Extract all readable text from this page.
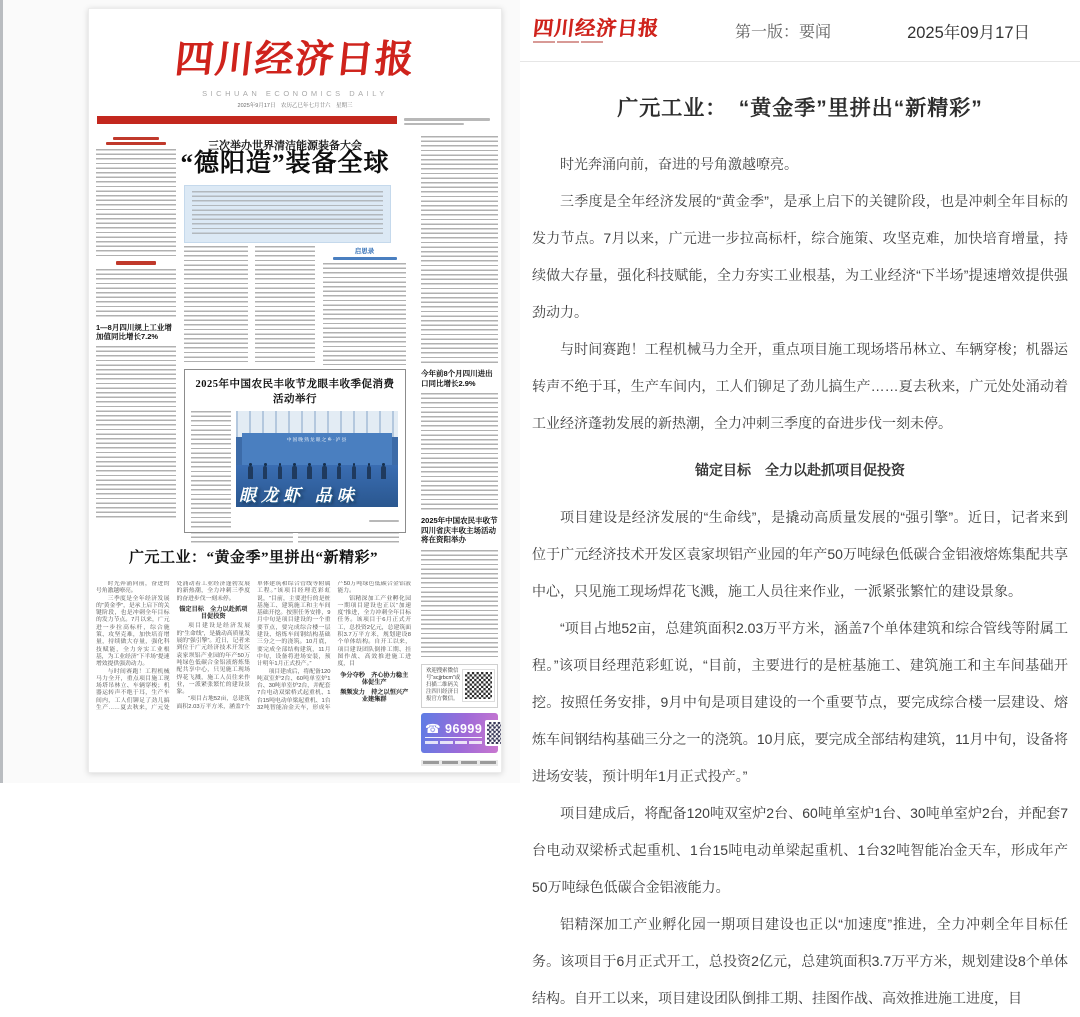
四川经济日报
SICHUAN ECONOMICS DAILY
2025年9月17日　农历乙巳年七月廿六　星期三
三次举办世界清洁能源装备大会
“德阳造”装备全球
1—8月四川规上工业增加值同比增长7.2%
启思录
2025年中国农民丰收节龙眼丰收季促消费活动举行
中国晚熟龙眼之乡·泸县
眼龙虾 品味
广元工业：“黄金季”里拼出“新精彩”
时光奔涌向前，奋进的号角激越嘹亮。
三季度是全年经济发展的“黄金季”，是承上启下的关键阶段，也是冲刺全年目标的发力节点。7月以来，广元进一步拉高标杆，综合施策、攻坚克难，加快培育增量，持续做大存量，强化科技赋能，全力夯实工业根基，为工业经济“下半场”提速增效提供强劲动力。
与时间赛跑！工程机械马力全开，重点项目施工现场塔吊林立、车辆穿梭；机器运转声不绝于耳，生产车间内，工人们铆足了劲儿搞生产……夏去秋来，广元处处涌动着工业经济蓬勃发展的新热潮，全力冲刺三季度的奋进步伐一刻未停。
锚定目标　全力以赴抓项目促投资
项目建设是经济发展的“生命线”，是撬动高质量发展的“强引擎”。近日，记者来到位于广元经济技术开发区袁家坝铝产业园的年产50万吨绿色低碳合金铝液熔炼集配共享中心，只见施工现场焊花飞溅，施工人员往来作业，一派紧张繁忙的建设景象。
“项目占地52亩，总建筑面积2.03万平方米，涵盖7个单体建筑和综合管线等附属工程。”该项目经理范彩虹说，“目前，主要进行的是桩基施工、建筑施工和主车间基础开挖。按照任务安排，9月中旬是项目建设的一个重要节点，要完成综合楼一层建设、熔炼车间钢结构基础三分之一的浇筑。10月底，要完成全部结构建筑，11月中旬，设备将进场安装，预计明年1月正式投产。”
项目建成后，将配备120吨双室炉2台、60吨单室炉1台、30吨单室炉2台，并配套7台电动双梁桥式起重机、1台15吨电动单梁起重机、1台32吨智能冶金天车，形成年产50万吨绿色低碳合金铝液能力。
铝精深加工产业孵化园一期项目建设也正以“加速度”推进，全力冲刺全年目标任务。该项目于6月正式开工，总投资2亿元，总建筑面积3.7万平方米，规划建设8个单体结构。自开工以来，项目建设团队倒排工期、挂图作战、高效推进施工进度，目
争分夺秒　齐心协力稳主体促生产
频频发力　持之以恒兴产业建集群
今年前8个月四川进出口同比增长2.9%
2025年中国农民丰收节四川省庆丰收主场活动将在资阳举办
欢迎搜索微信号“scjjrbcm”或扫描二维码关注四川经济日报官方微信。
☎ 96999
四川经济日报	第一版：要闻	2025年09月17日
广元工业：　“黄金季”里拼出“新精彩”
时光奔涌向前，奋进的号角激越嘹亮。
三季度是全年经济发展的“黄金季”，是承上启下的关键阶段，也是冲刺全年目标的发力节点。7月以来，广元进一步拉高标杆，综合施策、攻坚克难，加快培育增量，持续做大存量，强化科技赋能，全力夯实工业根基，为工业经济“下半场”提速增效提供强劲动力。
与时间赛跑！工程机械马力全开，重点项目施工现场塔吊林立、车辆穿梭；机器运转声不绝于耳，生产车间内，工人们铆足了劲儿搞生产……夏去秋来，广元处处涌动着工业经济蓬勃发展的新热潮，全力冲刺三季度的奋进步伐一刻未停。
锚定目标　全力以赴抓项目促投资
项目建设是经济发展的“生命线”，是撬动高质量发展的“强引擎”。近日，记者来到位于广元经济技术开发区袁家坝铝产业园的年产50万吨绿色低碳合金铝液熔炼集配共享中心，只见施工现场焊花飞溅，施工人员往来作业，一派紧张繁忙的建设景象。
“项目占地52亩，总建筑面积2.03万平方米，涵盖7个单体建筑和综合管线等附属工程。”该项目经理范彩虹说，“目前，主要进行的是桩基施工、建筑施工和主车间基础开挖。按照任务安排，9月中旬是项目建设的一个重要节点，要完成综合楼一层建设、熔炼车间钢结构基础三分之一的浇筑。10月底，要完成全部结构建筑，11月中旬，设备将进场安装，预计明年1月正式投产。”
项目建成后，将配备120吨双室炉2台、60吨单室炉1台、30吨单室炉2台，并配套7台电动双梁桥式起重机、1台15吨电动单梁起重机、1台32吨智能冶金天车，形成年产50万吨绿色低碳合金铝液能力。
铝精深加工产业孵化园一期项目建设也正以“加速度”推进，全力冲刺全年目标任务。该项目于6月正式开工，总投资2亿元，总建筑面积3.7万平方米，规划建设8个单体结构。自开工以来，项目建设团队倒排工期、挂图作战、高效推进施工进度，目
